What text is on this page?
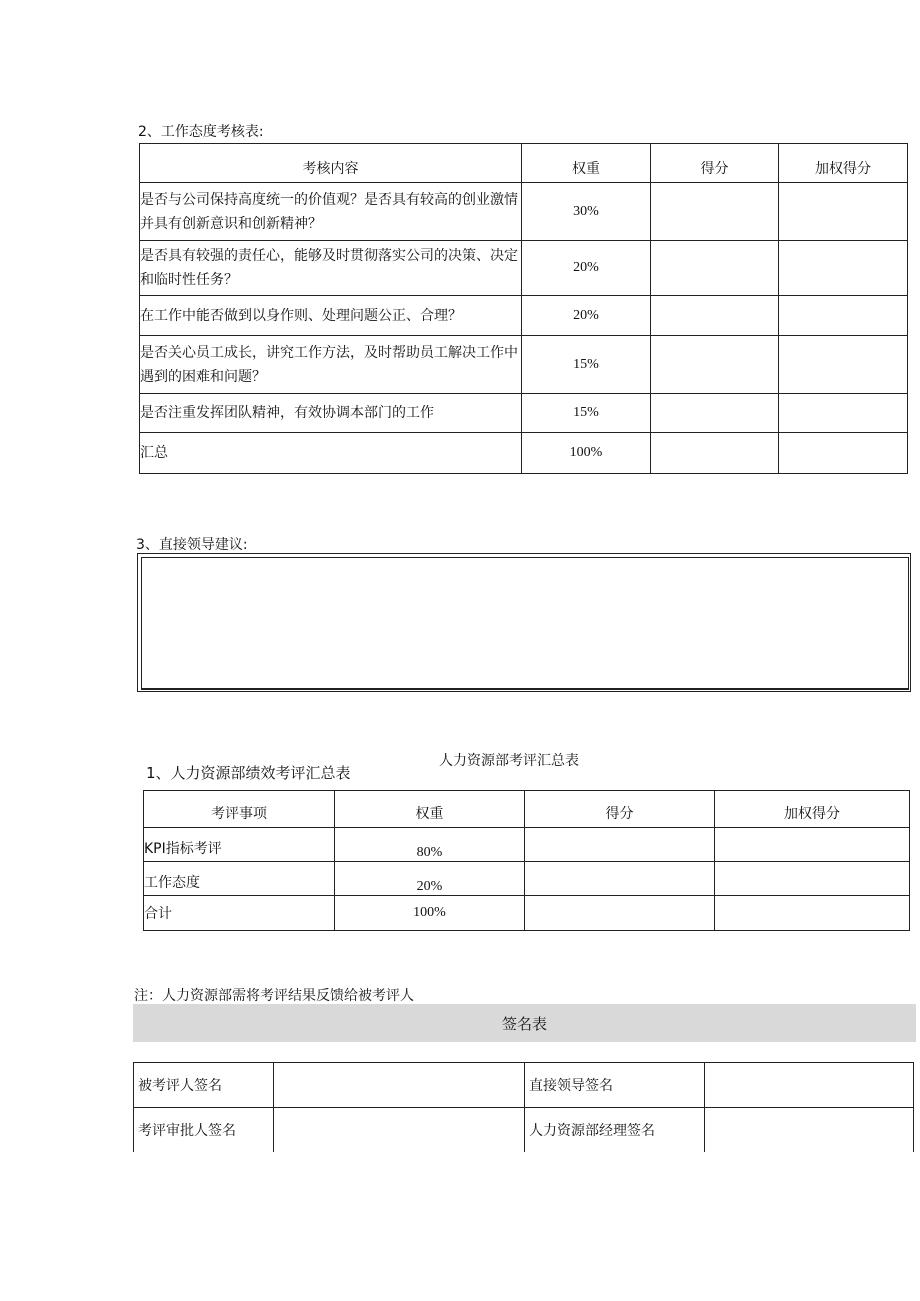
2、工作态度考核表:
考核内容	权重	得分	加权得分
是否与公司保持高度统一的价值观？是否具有较高的创业激情并具有创新意识和创新精神？	30%		
是否具有较强的责任心，能够及时贯彻落实公司的决策、决定和临时性任务？	20%		
在工作中能否做到以身作则、处理问题公正、合理？	20%		
是否关心员工成长，讲究工作方法，及时帮助员工解决工作中遇到的困难和问题？	15%		
是否注重发挥团队精神，有效协调本部门的工作	15%		
汇总	100%		
3、直接领导建议:
人力资源部考评汇总表
1、人力资源部绩效考评汇总表
考评事项	权重	得分	加权得分
KPI指标考评	80%		
工作态度	20%		
合计	100%		
注：人力资源部需将考评结果反馈给被考评人
签名表
被考评人签名		直接领导签名	
考评审批人签名		人力资源部经理签名	
